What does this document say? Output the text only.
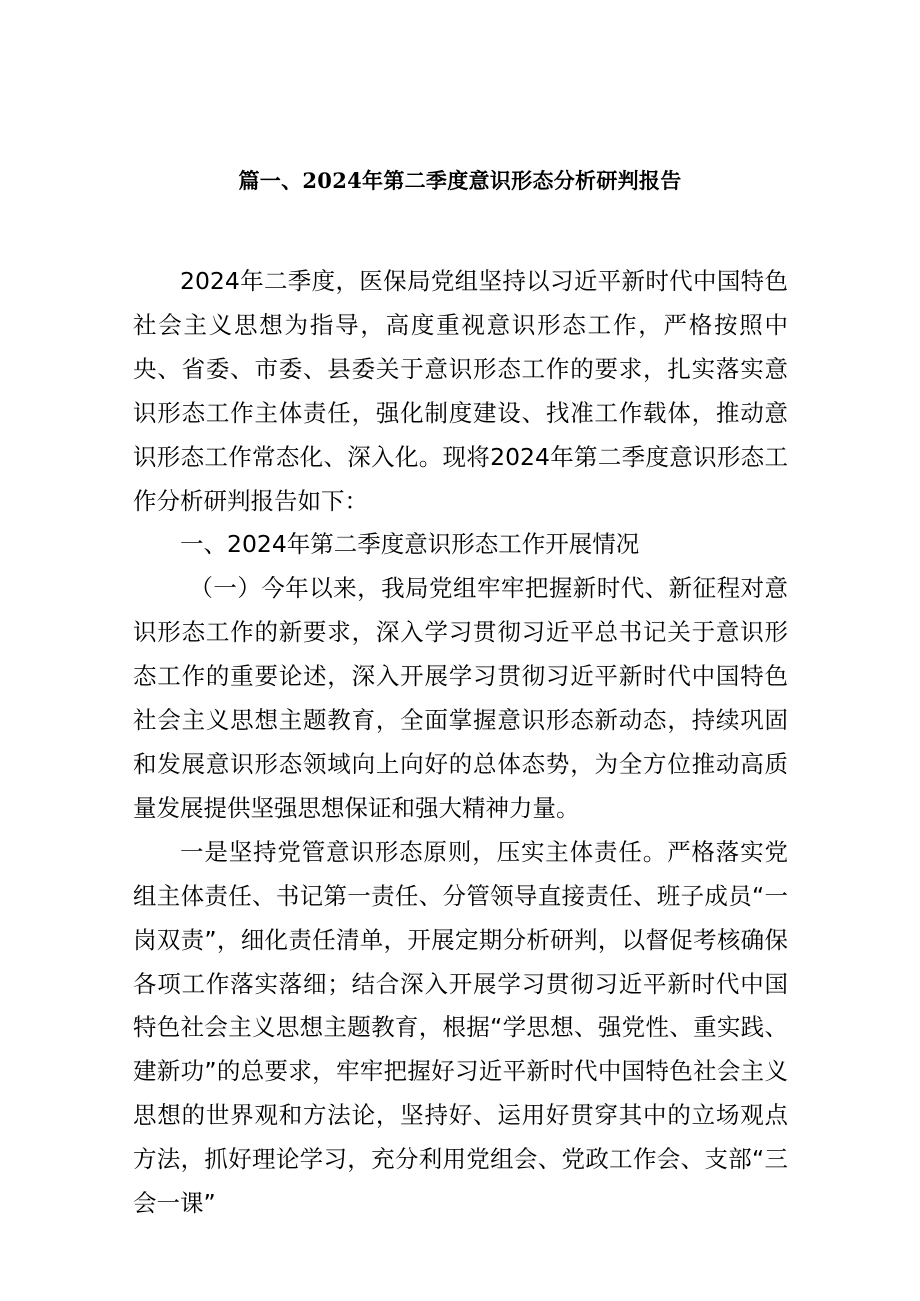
篇一、2024年第二季度意识形态分析研判报告

2024年二季度，医保局党组坚持以习近平新时代中国特色社会主义思想为指导，高度重视意识形态工作，严格按照中央、省委、市委、县委关于意识形态工作的要求，扎实落实意识形态工作主体责任，强化制度建设、找准工作载体，推动意识形态工作常态化、深入化。现将2024年第二季度意识形态工作分析研判报告如下：

一、2024年第二季度意识形态工作开展情况

（一）今年以来，我局党组牢牢把握新时代、新征程对意识形态工作的新要求，深入学习贯彻习近平总书记关于意识形态工作的重要论述，深入开展学习贯彻习近平新时代中国特色社会主义思想主题教育，全面掌握意识形态新动态，持续巩固和发展意识形态领域向上向好的总体态势，为全方位推动高质量发展提供坚强思想保证和强大精神力量。

一是坚持党管意识形态原则，压实主体责任。严格落实党组主体责任、书记第一责任、分管领导直接责任、班子成员“一岗双责”，细化责任清单，开展定期分析研判，以督促考核确保各项工作落实落细；结合深入开展学习贯彻习近平新时代中国特色社会主义思想主题教育，根据“学思想、强党性、重实践、建新功”的总要求，牢牢把握好习近平新时代中国特色社会主义思想的世界观和方法论，坚持好、运用好贯穿其中的立场观点方法，抓好理论学习，充分利用党组会、党政工作会、支部“三会一课”
